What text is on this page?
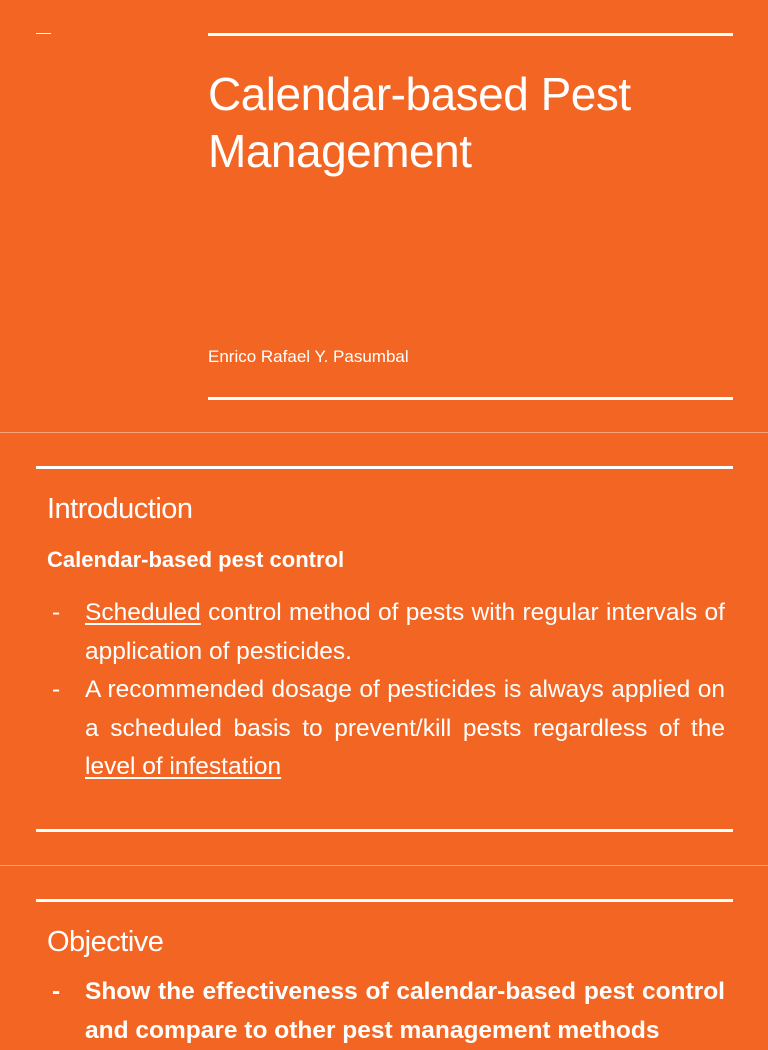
Calendar-based Pest Management
Enrico Rafael Y. Pasumbal
Introduction
Calendar-based pest control
- Scheduled control method of pests with regular intervals of application of pesticides.
- A recommended dosage of pesticides is always applied on a scheduled basis to prevent/kill pests regardless of the level of infestation
Objective
- Show the effectiveness of calendar-based pest control and compare to other pest management methods
